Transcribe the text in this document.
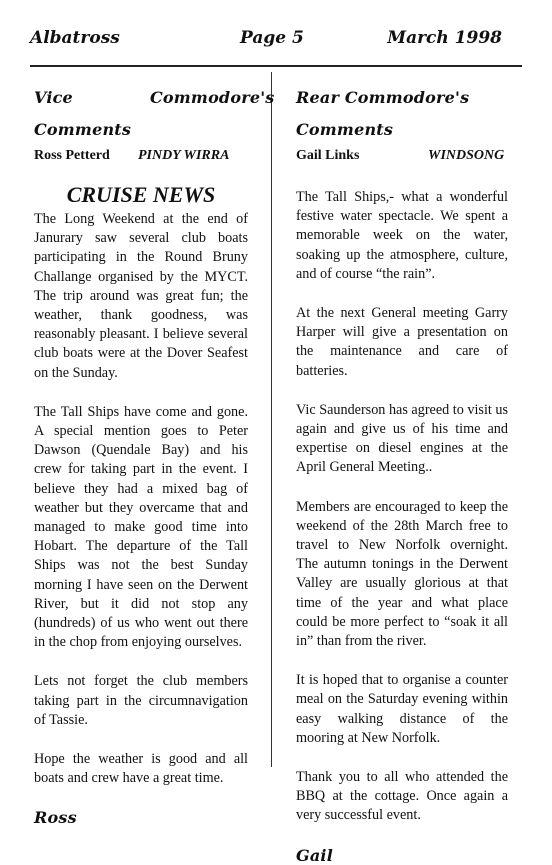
Albatross	Page 5	March 1998
Vice	Commodore's
Comments
Ross Petterd PINDY WIRRA
CRUISE NEWS

The Long Weekend at the end of Janurary saw several club boats participating in the Round Bruny Challange organised by the MYCT. The trip around was great fun; the weather, thank goodness, was reasonably pleasant. I believe several club boats were at the Dover Seafest on the Sunday.

The Tall Ships have come and gone. A special mention goes to Peter Dawson (Quendale Bay) and his crew for taking part in the event. I believe they had a mixed bag of weather but they overcame that and managed to make good time into Hobart. The departure of the Tall Ships was not the best Sunday morning I have seen on the Derwent River, but it did not stop any (hundreds) of us who went out there in the chop from enjoying ourselves.

Lets not forget the club members taking part in the circumnavigation of Tassie.

Hope the weather is good and all boats and crew have a great time.

Ross
Rear Commodore's
Comments
Gail Links	WINDSONG

The Tall Ships,- what a wonderful festive water spectacle. We spent a memorable week on the water, soaking up the atmosphere, culture, and of course “the rain”.

At the next General meeting Garry Harper will give a presentation on the maintenance and care of batteries.

Vic Saunderson has agreed to visit us again and give us of his time and expertise on diesel engines at the April General Meeting..

Members are encouraged to keep the weekend of the 28th March free to travel to New Norfolk overnight. The autumn tonings in the Derwent Valley are usually glorious at that time of the year and what place could be more perfect to “soak it all in” than from the river.

It is hoped that to organise a counter meal on the Saturday evening within easy walking distance of the mooring at New Norfolk.

Thank you to all who attended the BBQ at the cottage. Once again a very successful event.

Gail
